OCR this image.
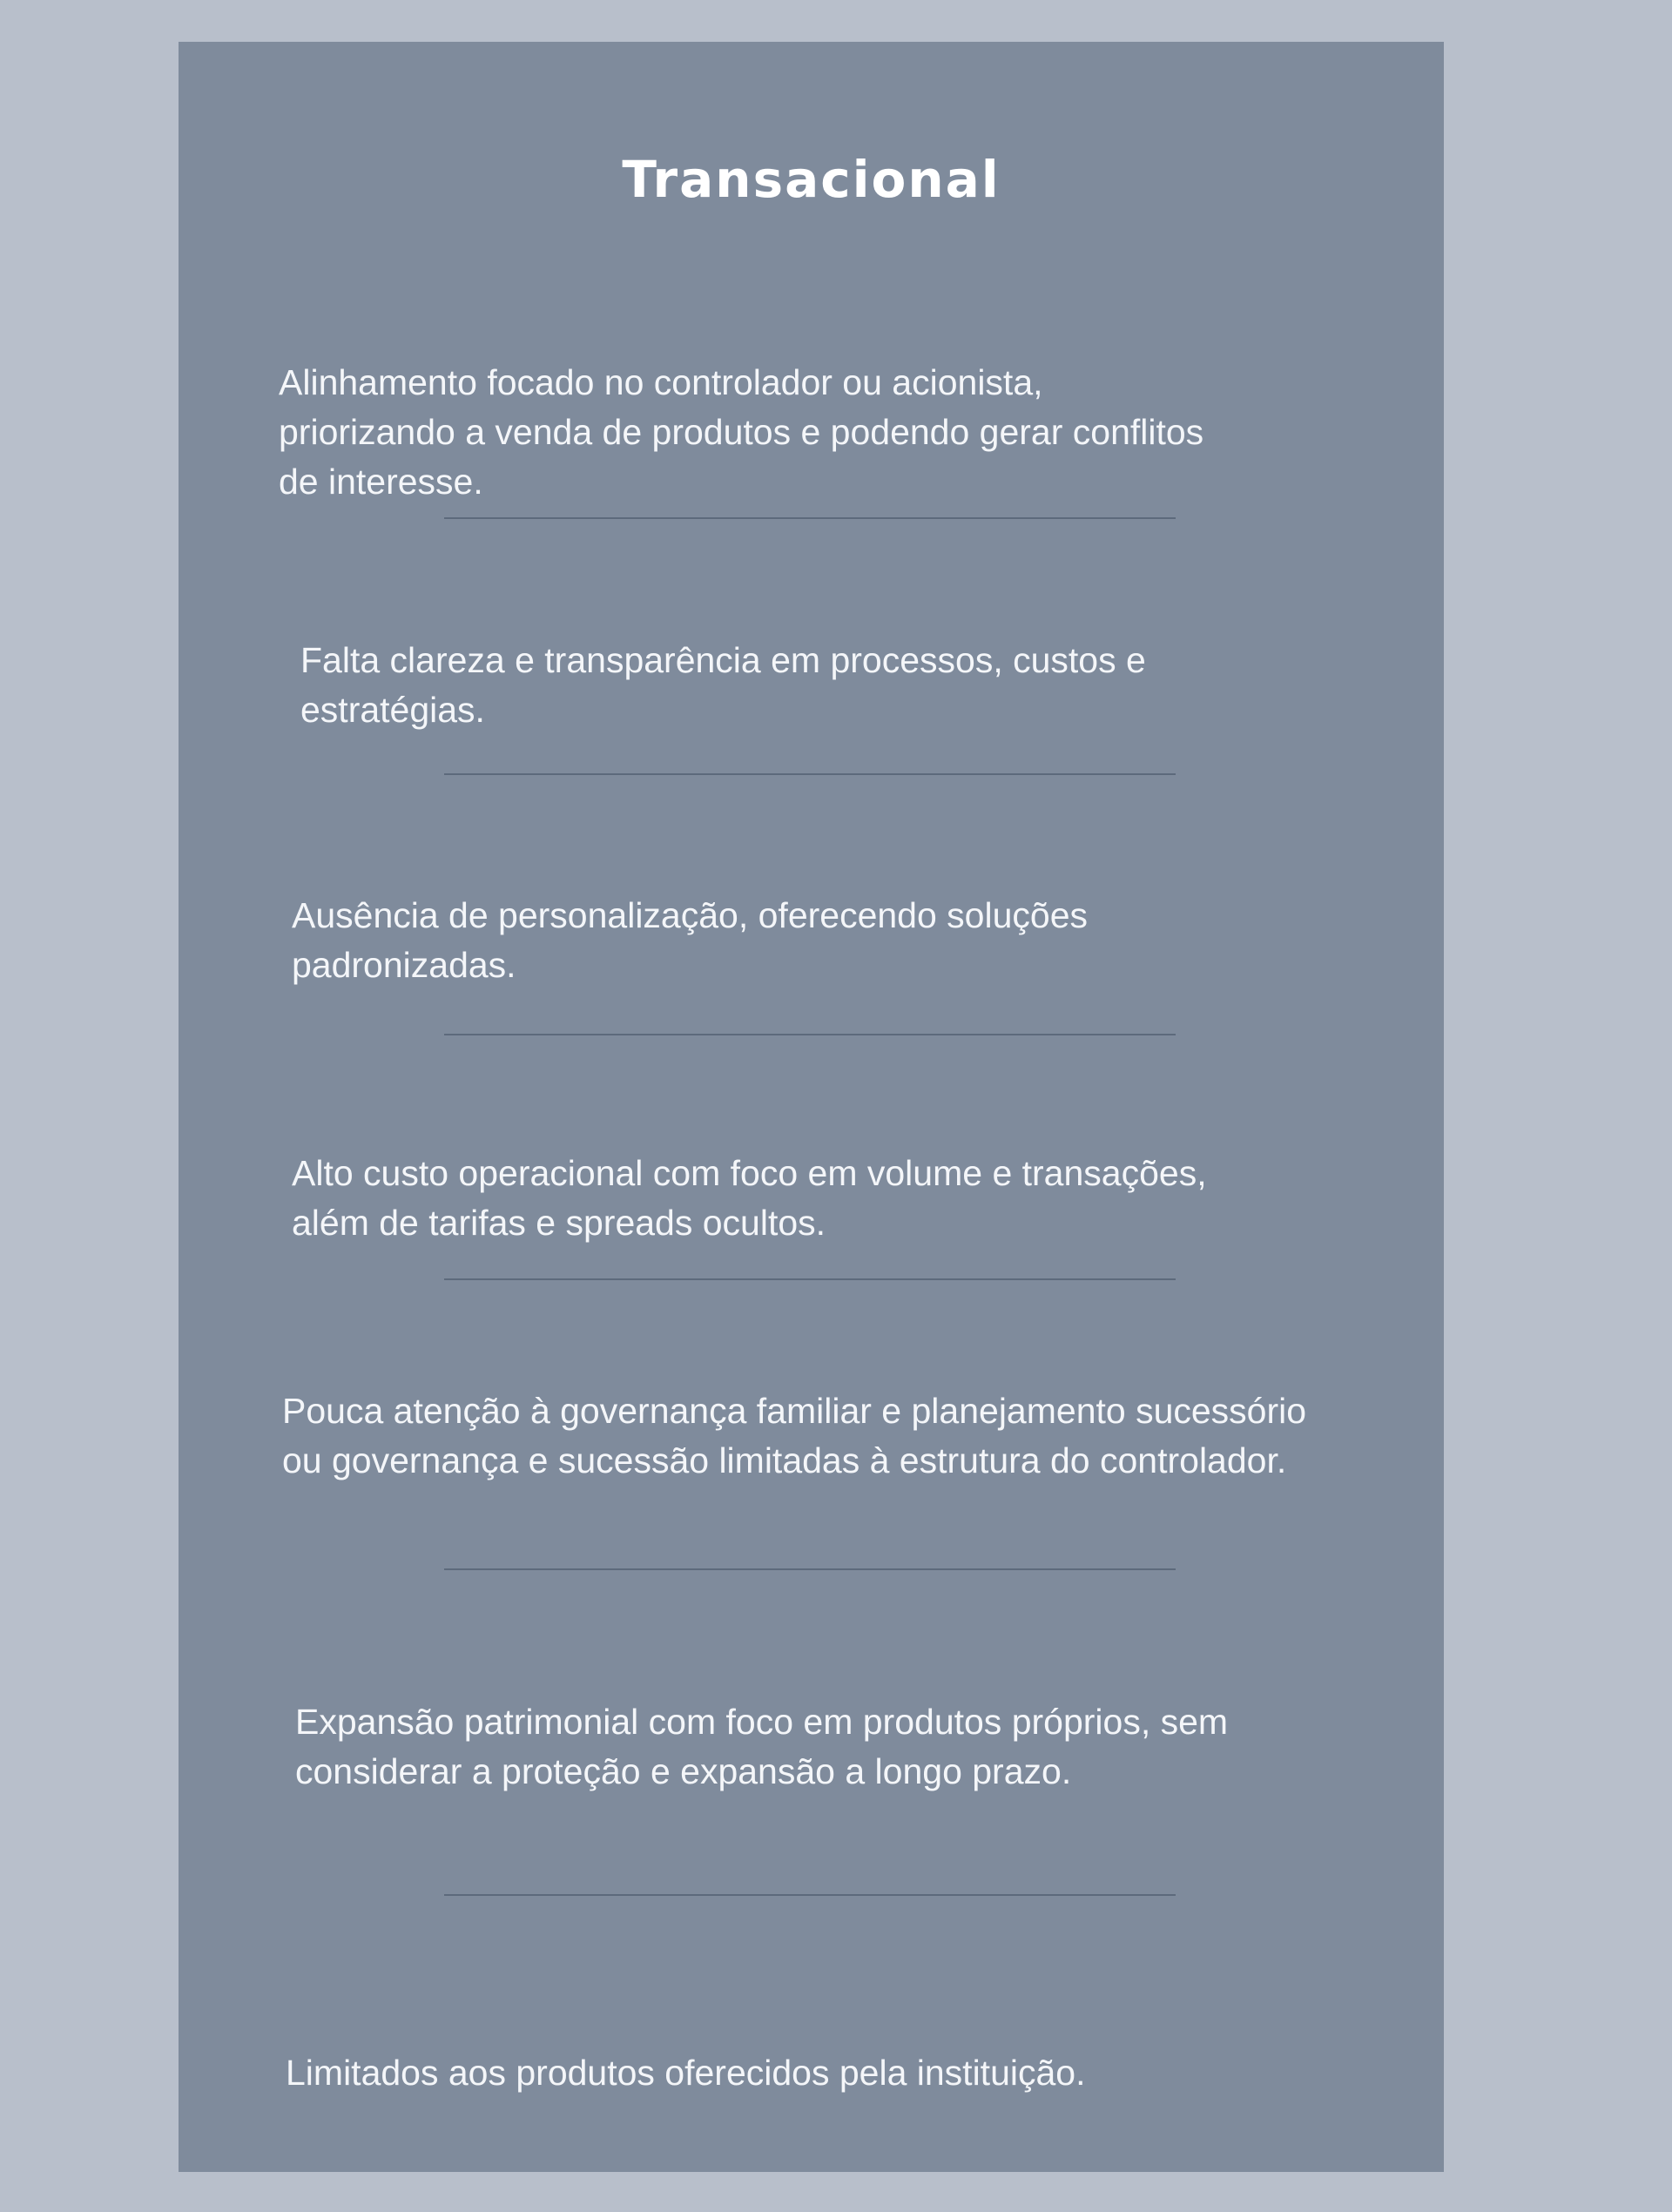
Transacional

Alinhamento focado no controlador ou acionista, priorizando a venda de produtos e podendo gerar conflitos de interesse.

Falta clareza e transparência em processos, custos e estratégias.

Ausência de personalização, oferecendo soluções padronizadas.

Alto custo operacional com foco em volume e transações, além de tarifas e spreads ocultos.

Pouca atenção à governança familiar e planejamento sucessório ou governança e sucessão limitadas à estrutura do controlador.

Expansão patrimonial com foco em produtos próprios, sem considerar a proteção e expansão a longo prazo.

Limitados aos produtos oferecidos pela instituição.
